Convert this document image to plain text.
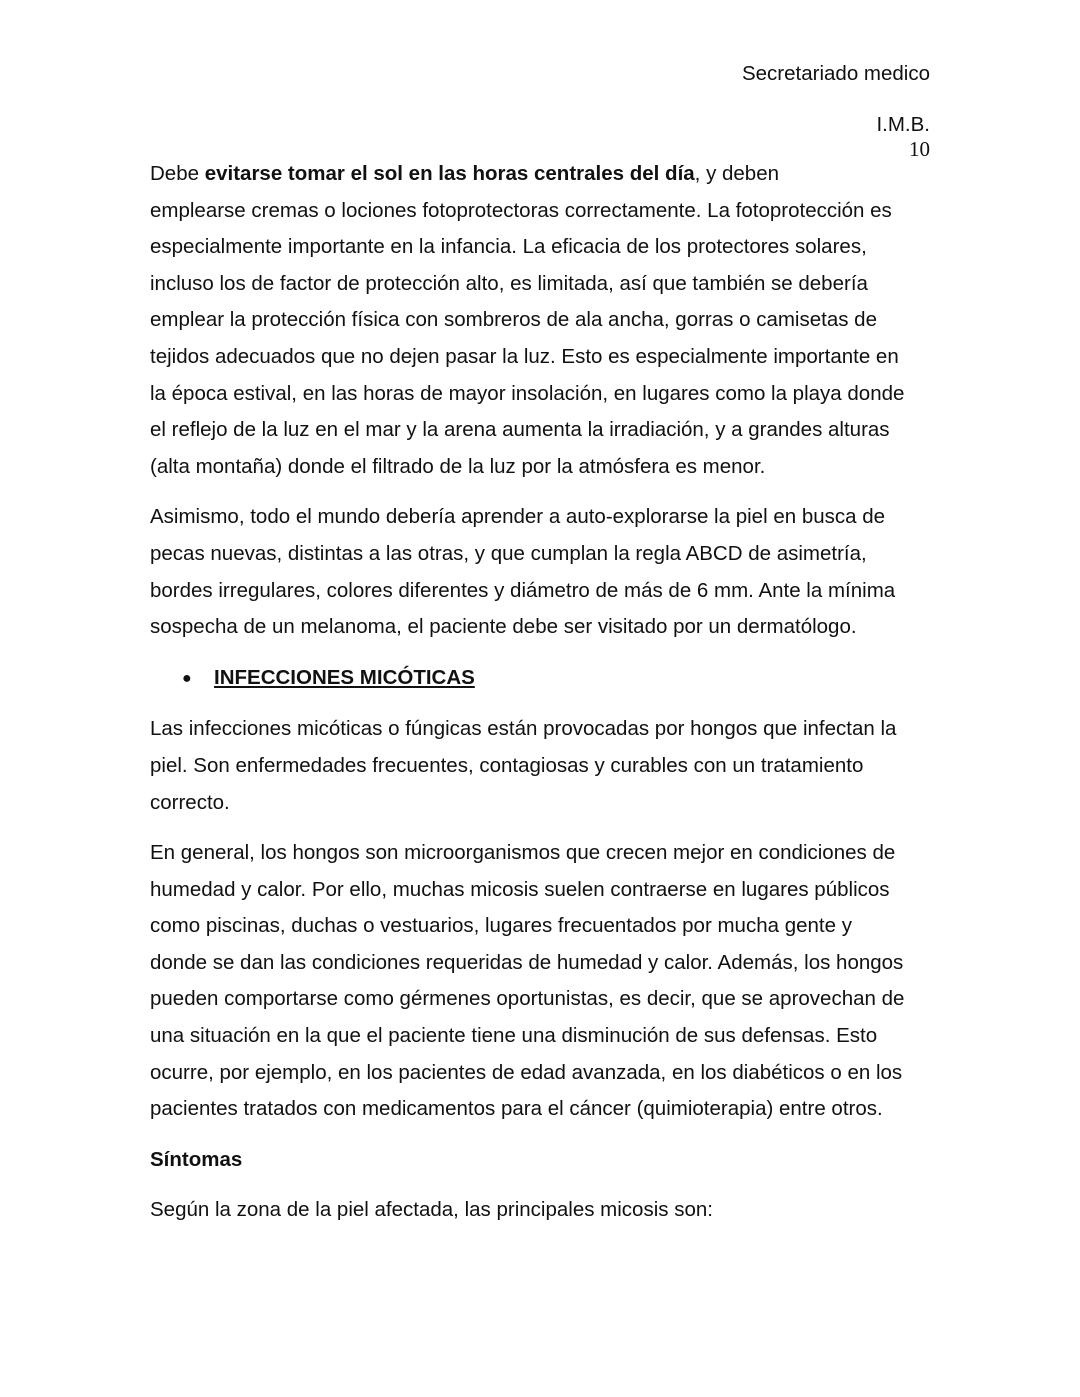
Secretariado medico
I.M.B.
10

Debe evitarse tomar el sol en las horas centrales del día, y deben
emplearse cremas o lociones fotoprotectoras correctamente. La fotoprotección es
especialmente importante en la infancia. La eficacia de los protectores solares,
incluso los de factor de protección alto, es limitada, así que también se debería
emplear la protección física con sombreros de ala ancha, gorras o camisetas de
tejidos adecuados que no dejen pasar la luz. Esto es especialmente importante en
la época estival, en las horas de mayor insolación, en lugares como la playa donde
el reflejo de la luz en el mar y la arena aumenta la irradiación, y a grandes alturas
(alta montaña) donde el filtrado de la luz por la atmósfera es menor.

Asimismo, todo el mundo debería aprender a auto-explorarse la piel en busca de
pecas nuevas, distintas a las otras, y que cumplan la regla ABCD de asimetría,
bordes irregulares, colores diferentes y diámetro de más de 6 mm. Ante la mínima
sospecha de un melanoma, el paciente debe ser visitado por un dermatólogo.

● INFECCIONES MICÓTICAS

Las infecciones micóticas o fúngicas están provocadas por hongos que infectan la
piel. Son enfermedades frecuentes, contagiosas y curables con un tratamiento
correcto.

En general, los hongos son microorganismos que crecen mejor en condiciones de
humedad y calor. Por ello, muchas micosis suelen contraerse en lugares públicos
como piscinas, duchas o vestuarios, lugares frecuentados por mucha gente y
donde se dan las condiciones requeridas de humedad y calor. Además, los hongos
pueden comportarse como gérmenes oportunistas, es decir, que se aprovechan de
una situación en la que el paciente tiene una disminución de sus defensas. Esto
ocurre, por ejemplo, en los pacientes de edad avanzada, en los diabéticos o en los
pacientes tratados con medicamentos para el cáncer (quimioterapia) entre otros.

Síntomas

Según la zona de la piel afectada, las principales micosis son:
